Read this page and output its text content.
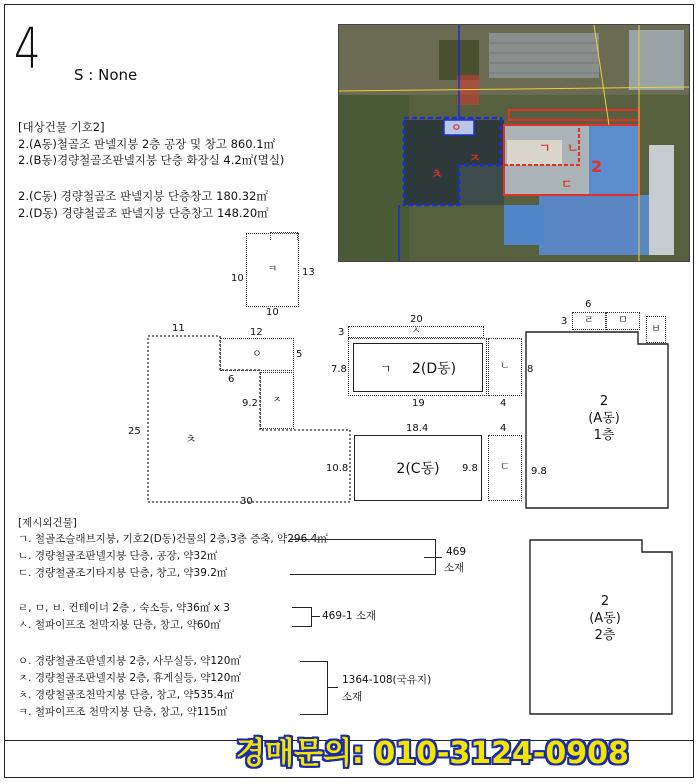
4 S : None
[대상건물 기호2]
2.(A동)철골조 판넬지붕 2층 공장 및 창고 860.1㎡
2.(B동)경량철골조판넬지붕 단층 화장실 4.2㎡(멸실)
2.(C동) 경량철골조 판넬지붕 단층창고 180.32㎡
2.(D동) 경량철골조 판넬지붕 단층창고 148.20㎡
ㅇ
ㅊ
ㅈ
ㄱ ㄴ
ㄷ
2
ㅋ
10
13
10
ㅊ
11
25
30
10.8
ㅇ
12
5
6
ㅈ
9.2
ㅅ
20
3
ㄱ 2(D동)
7.8
19
ㄴ 8
4
2(C동)
18.4
9.8 ㄷ
4
9.8
ㄹ ㅁ
ㅂ
6
3
2
(A동)
1층
[제시외건물]
ㄱ. 철골조슬래브지붕, 기호2(D동)건물의 2층,3층 증축, 약296.4㎡
ㄴ. 경량철골조판넬지붕 단층, 공장, 약32㎡
ㄷ. 경량철골조기타지붕 단층, 창고, 약39.2㎡
469
소재
ㄹ, ㅁ, ㅂ. 컨테이너 2층 , 숙소등, 약36㎡ x 3
ㅅ. 철파이프조 천막지붕 단층, 창고, 약60㎡
469-1 소재
ㅇ. 경량철골조판넬지붕 2층, 사무실등, 약120㎡
ㅈ. 경량철골조판넬지붕 2층, 휴게실등, 약120㎡
ㅊ. 경량철골조천막지붕 단층, 창고, 약535.4㎡
ㅋ. 철파이프조 천막지붕 단층, 창고, 약115㎡
1364-108(국유지)
소재
2
(A동)
2층
경매문의: 010-3124-0908
